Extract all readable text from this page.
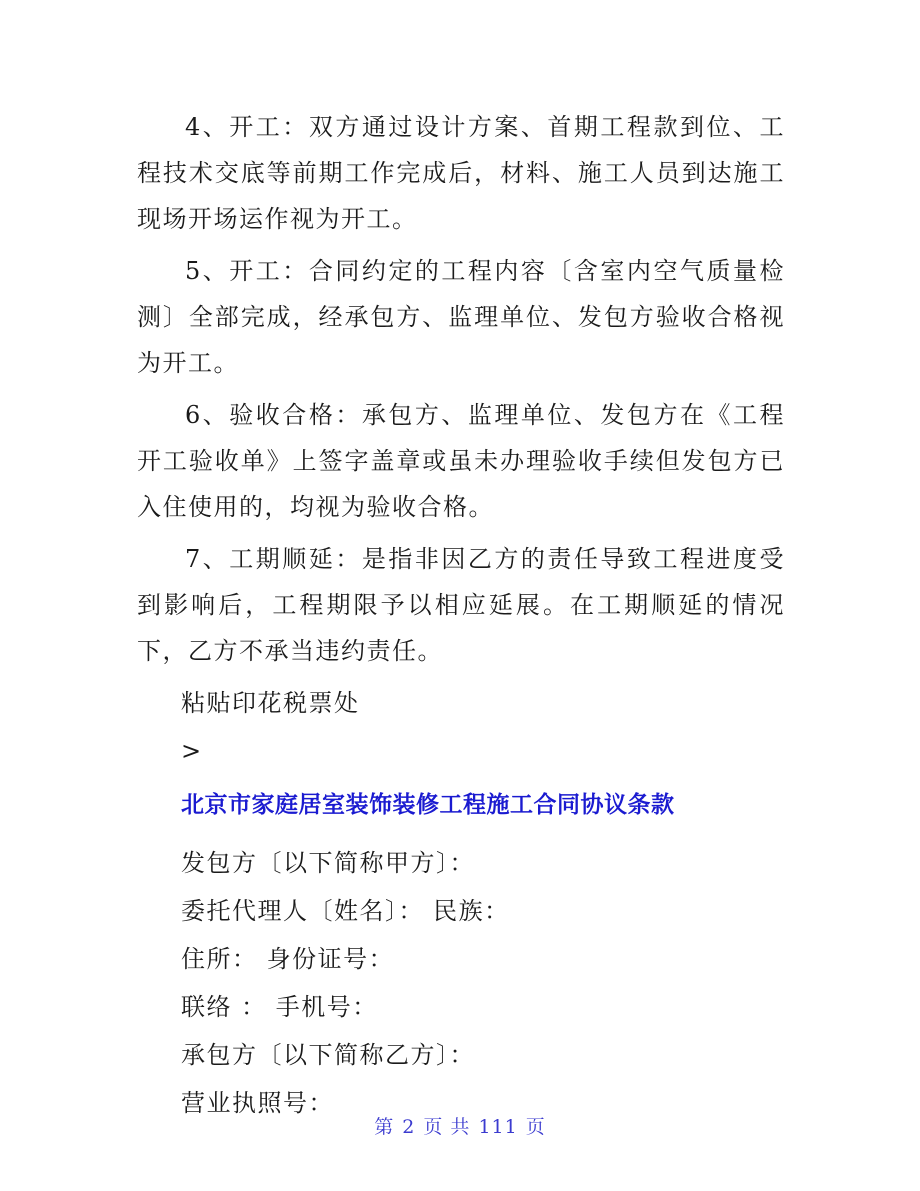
4、开工：双方通过设计方案、首期工程款到位、工程技术交底等前期工作完成后，材料、施工人员到达施工现场开场运作视为开工。

5、开工：合同约定的工程内容〔含室内空气质量检测〕全部完成，经承包方、监理单位、发包方验收合格视为开工。

6、验收合格：承包方、监理单位、发包方在《工程开工验收单》上签字盖章或虽未办理验收手续但发包方已入住使用的，均视为验收合格。

7、工期顺延：是指非因乙方的责任导致工程进度受到影响后，工程期限予以相应延展。在工期顺延的情况下，乙方不承当违约责任。

粘贴印花税票处

>

北京市家庭居室装饰装修工程施工合同协议条款

发包方〔以下简称甲方〕：

委托代理人〔姓名〕： 民族：

住所： 身份证号：

联络 ： 手机号：

承包方〔以下简称乙方〕：

营业执照号：

第 2 页 共 111 页
